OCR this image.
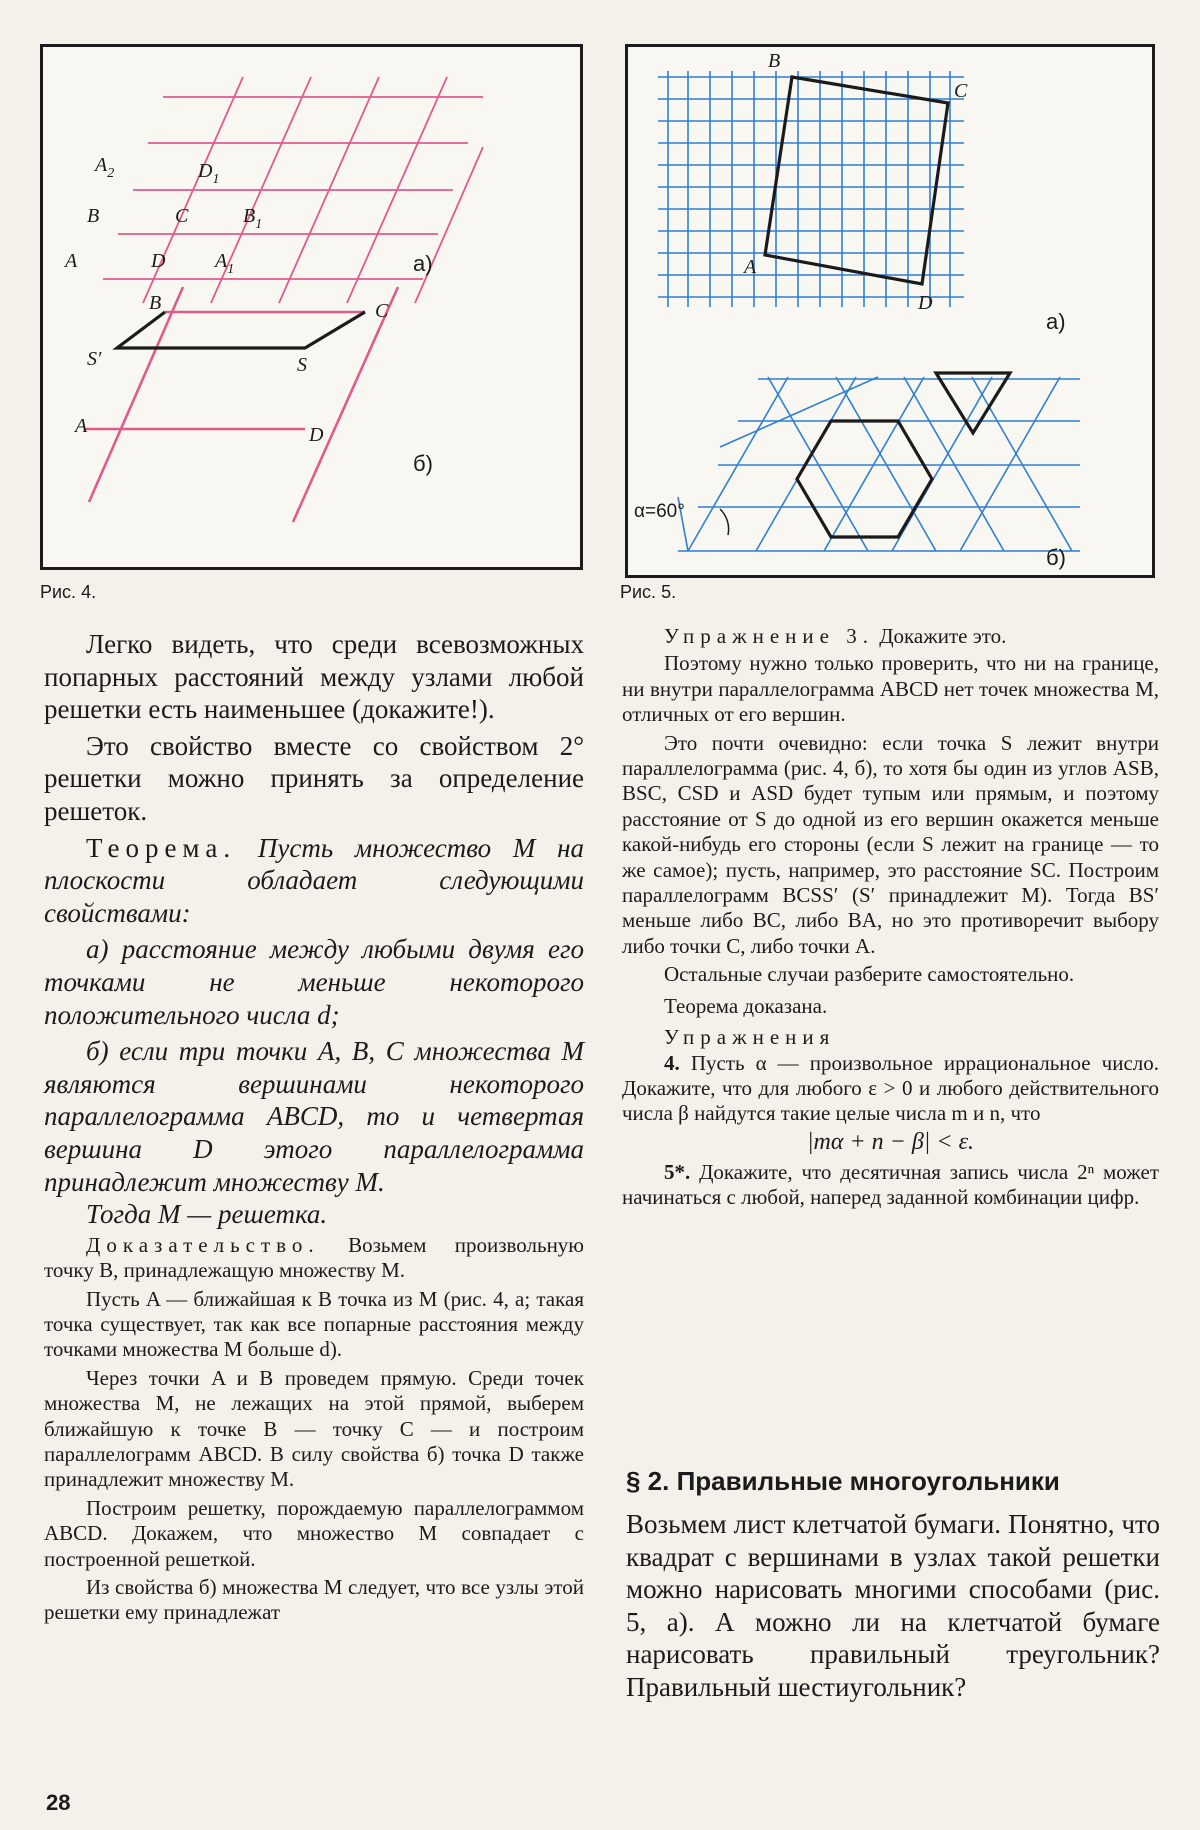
$A_2$	$D_1$
B	C	$B_1$
A	D $A_1$	а)
B	C
S′	S
A	D
б)
Рис. 4.
B
C
A
D
а)
α=60°
б)
Рис. 5.

Легко видеть, что среди всевозможных попарных расстояний между узлами любой решетки есть наименьшее (докажите!).

Это свойство вместе со свойством 2° решетки можно принять за определение решеток.

Теорема. Пусть множество M на плоскости обладает следующими свойствами:

а) расстояние между любыми двумя его точками не меньше некоторого положительного числа d;

б) если три точки A, B, C множества M являются вершинами некоторого параллелограмма ABCD, то и четвертая вершина D этого параллелограмма принадлежит множеству M.

Тогда M — решетка.

Доказательство. Возьмем произвольную точку B, принадлежащую множеству M.

Пусть A — ближайшая к B точка из M (рис. 4, а; такая точка существует, так как все попарные расстояния между точками множества M больше d).

Через точки A и B проведем прямую. Среди точек множества M, не лежащих на этой прямой, выберем ближайшую к точке B — точку C — и построим параллелограмм ABCD. В силу свойства б) точка D также принадлежит множеству M.

Построим решетку, порождаемую параллелограммом ABCD. Докажем, что множество M совпадает с построенной решеткой.

Из свойства б) множества M следует, что все узлы этой решетки ему принадлежат

Упражнение 3. Докажите это.

Поэтому нужно только проверить, что ни на границе, ни внутри параллелограмма ABCD нет точек множества M, отличных от его вершин.

Это почти очевидно: если точка S лежит внутри параллелограмма (рис. 4, б), то хотя бы один из углов ASB, BSC, CSD и ASD будет тупым или прямым, и поэтому расстояние от S до одной из его вершин окажется меньше какой-нибудь его стороны (если S лежит на границе — то же самое); пусть, например, это расстояние SC. Построим параллелограмм BCSS′ (S′ принадлежит M). Тогда BS′ меньше либо BC, либо BA, но это противоречит выбору либо точки C, либо точки A.

Остальные случаи разберите самостоятельно.

Теорема доказана.

Упражнения

4. Пусть α — произвольное иррациональное число. Докажите, что для любого ε > 0 и любого действительного числа β найдутся такие целые числа m и n, что

|mα + n − β| < ε.

5*. Докажите, что десятичная запись числа 2ⁿ может начинаться с любой, наперед заданной комбинации цифр.

§ 2. Правильные многоугольники
Возьмем лист клетчатой бумаги. Понятно, что квадрат с вершинами в узлах такой решетки можно нарисовать многими способами (рис. 5, а). А можно ли на клетчатой бумаге нарисовать правильный треугольник? Правильный шестиугольник?
28
